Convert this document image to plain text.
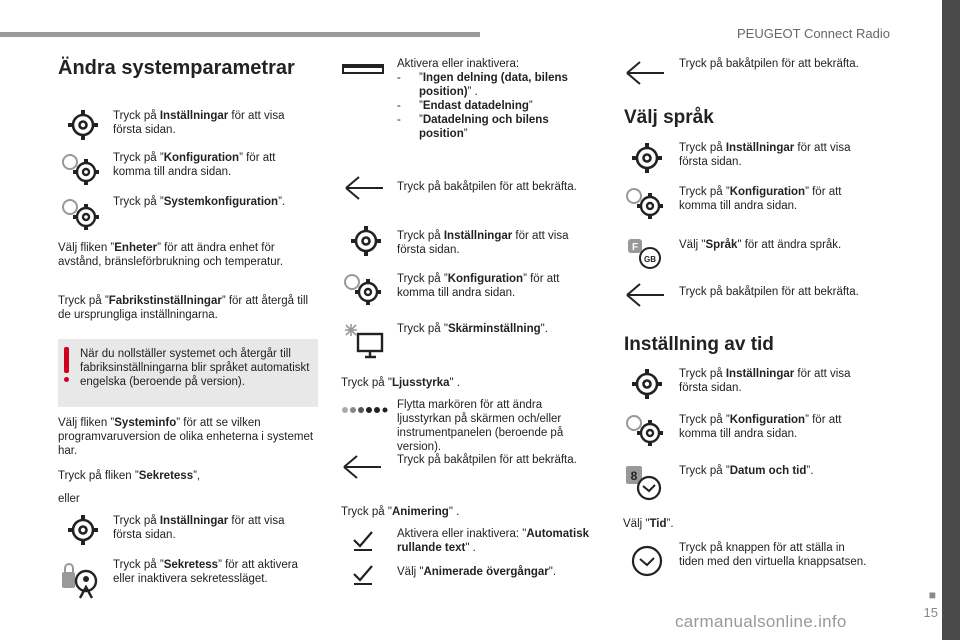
PEUGEOT Connect Radio
■
15
carmanualsonline.info
Ändra systemparametrar
Tryck på Inställningar för att visa första sidan.
Tryck på ”Konfiguration” för att komma till andra sidan.
Tryck på ”Systemkonfiguration”.
Välj fliken ”Enheter” för att ändra enhet för avstånd, bränsleförbrukning och temperatur.
Tryck på ”Fabrikstinställningar” för att återgå till de ursprungliga inställningarna.
När du nollställer systemet och återgår till fabriksinställningarna blir språket automatiskt engelska (beroende på version).
Välj fliken ”Systeminfo” för att se vilken programvaruversion de olika enheterna i systemet har.
Tryck på fliken ”Sekretess”,
eller
Tryck på Inställningar för att visa första sidan.
Tryck på ”Sekretess” för att aktivera eller inaktivera sekretessläget.
Aktivera eller inaktivera:
- ”Ingen delning (data, bilens position)” .
- ”Endast datadelning”
- ”Datadelning och bilens position”
Tryck på bakåtpilen för att bekräfta.
Tryck på Inställningar för att visa första sidan.
Tryck på ”Konfiguration” för att komma till andra sidan.
Tryck på "Skärminställning".
Tryck på "Ljusstyrka" .
Flytta markören för att ändra ljusstyrkan på skärmen och/eller instrumentpanelen (beroende på version).
Tryck på bakåtpilen för att bekräfta.
Tryck på "Animering" .
Aktivera eller inaktivera: "Automatisk rullande text" .
Välj "Animerade övergångar".
Tryck på bakåtpilen för att bekräfta.
Välj språk
Tryck på Inställningar för att visa första sidan.
Tryck på ”Konfiguration” för att komma till andra sidan.
F
GB
Välj "Språk" för att ändra språk.
Tryck på bakåtpilen för att bekräfta.
Inställning av tid
Tryck på Inställningar för att visa första sidan.
Tryck på ”Konfiguration” för att komma till andra sidan.
8	Tryck på ”Datum och tid”.
Välj "Tid”.
Tryck på knappen för att ställa in tiden med den virtuella knappsatsen.
